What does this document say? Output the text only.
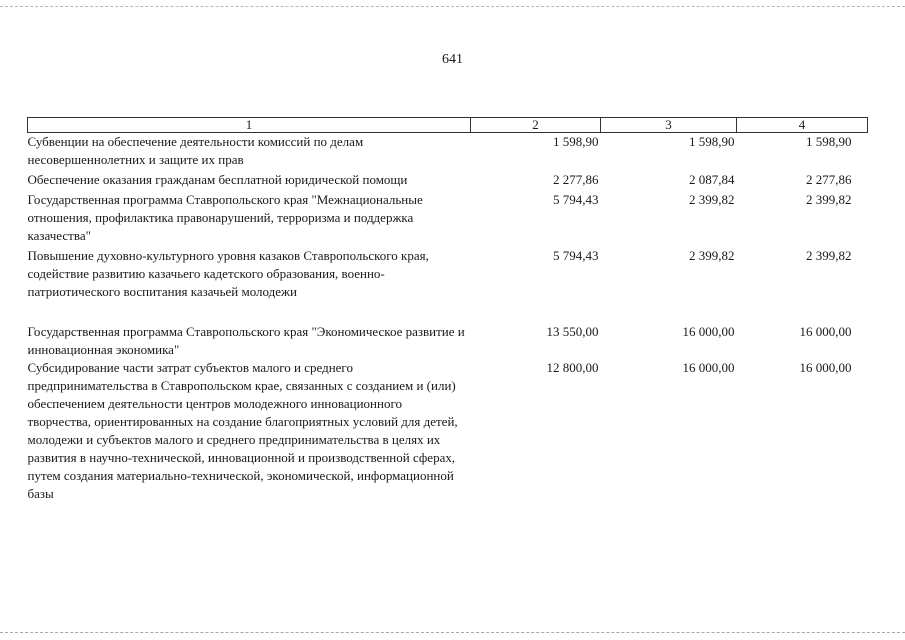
641
1	2	3	4
Субвенции на обеспечение деятельности комиссий по делам несовершеннолетних и защите их прав	1 598,90	1 598,90	1 598,90
Обеспечение оказания гражданам бесплатной юридической помощи	2 277,86	2 087,84	2 277,86
Государственная программа Ставропольского края "Межнациональные отношения, профилактика правонарушений, терроризма и поддержка казачества"	5 794,43	2 399,82	2 399,82
Повышение духовно-культурного уровня казаков Ставропольского края, содействие развитию казачьего кадетского образования, военно-патриотического воспитания казачьей молодежи	5 794,43	2 399,82	2 399,82

Государственная программа Ставропольского края "Экономическое развитие и инновационная экономика"	13 550,00	16 000,00	16 000,00
Субсидирование части затрат субъектов малого и среднего предпринимательства в Ставропольском крае, связанных с созданием и (или) обеспечением деятельности центров молодежного инновационного творчества, ориентированных на создание благоприятных условий для детей, молодежи и субъектов малого и среднего предпринимательства в целях их развития в научно-технической, инновационной и производственной сферах, путем создания материально-технической, экономической, информационной базы	12 800,00	16 000,00	16 000,00
